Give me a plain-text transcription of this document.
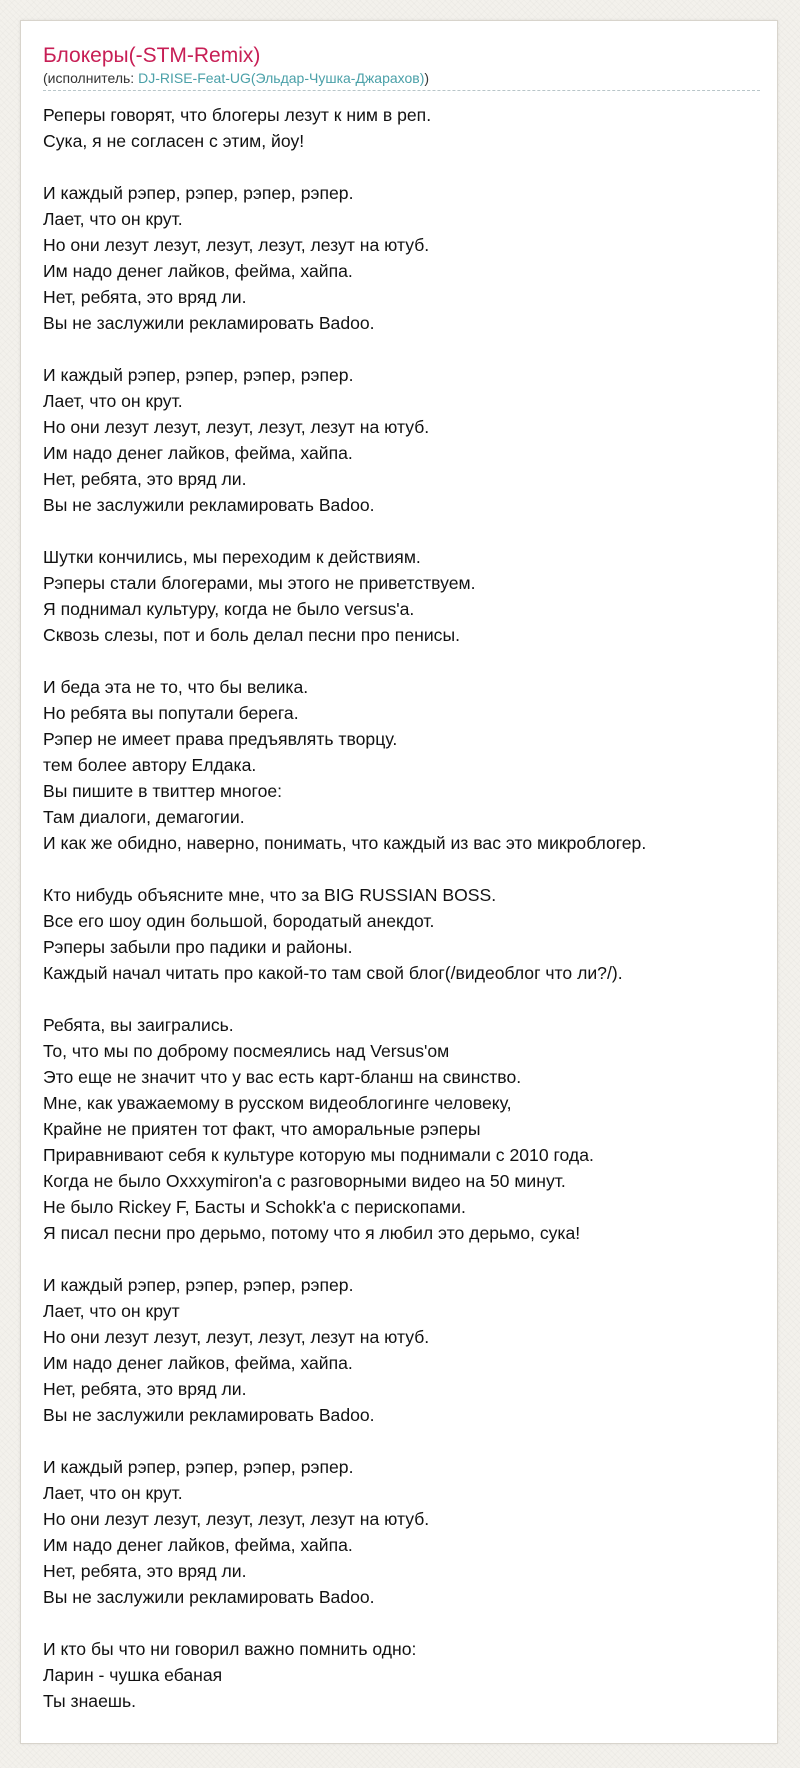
Блокеры(-STM-Remix)
(исполнитель: DJ-RISE-Feat-UG(Эльдар-Чушка-Джарахов))
Реперы говорят, что блогеры лезут к ним в реп.
Сука, я не согласен с этим, йоу!
И каждый рэпер, рэпер, рэпер, рэпер.
Лает, что он крут.
Но они лезут лезут, лезут, лезут, лезут на ютуб.
Им надо денег лайков, фейма, хайпа.
Нет, ребята, это вряд ли.
Вы не заслужили рекламировать Badoo.
И каждый рэпер, рэпер, рэпер, рэпер.
Лает, что он крут.
Но они лезут лезут, лезут, лезут, лезут на ютуб.
Им надо денег лайков, фейма, хайпа.
Нет, ребята, это вряд ли.
Вы не заслужили рекламировать Badoo.
Шутки кончились, мы переходим к действиям.
Рэперы стали блогерами, мы этого не приветствуем.
Я поднимал культуру, когда не было versus'a.
Сквозь слезы, пот и боль делал песни про пенисы.
И беда эта не то, что бы велика.
Но ребята вы попутали берега.
Рэпер не имеет права предъявлять творцу.
тем более автору Елдака.
Вы пишите в твиттер многое:
Там диалоги, демагогии.
И как же обидно, наверно, понимать, что каждый из вас это микроблогер.
Кто нибудь объясните мне, что за BIG RUSSIAN BOSS.
Все его шоу один большой, бородатый анекдот.
Рэперы забыли про падики и районы.
Каждый начал читать про какой-то там свой блог(/видеоблог что ли?/).
Ребята, вы заигрались.
То, что мы по доброму посмеялись над Versus'ом
Это еще не значит что у вас есть карт-бланш на свинство.
Мне, как уважаемому в русском видеоблогинге человеку,
Крайне не приятен тот факт, что аморальные рэперы
Приравнивают себя к культуре которую мы поднимали с 2010 года.
Когда не было Oxxxymiron'a с разговорными видео на 50 минут.
Не было Rickey F, Басты и Schokk'a с перископами.
Я писал песни про дерьмо, потому что я любил это дерьмо, сука!
И каждый рэпер, рэпер, рэпер, рэпер.
Лает, что он крут
Но они лезут лезут, лезут, лезут, лезут на ютуб.
Им надо денег лайков, фейма, хайпа.
Нет, ребята, это вряд ли.
Вы не заслужили рекламировать Badoo.
И каждый рэпер, рэпер, рэпер, рэпер.
Лает, что он крут.
Но они лезут лезут, лезут, лезут, лезут на ютуб.
Им надо денег лайков, фейма, хайпа.
Нет, ребята, это вряд ли.
Вы не заслужили рекламировать Badoo.
И кто бы что ни говорил важно помнить одно:
Ларин - чушка ебаная
Ты знаешь.
